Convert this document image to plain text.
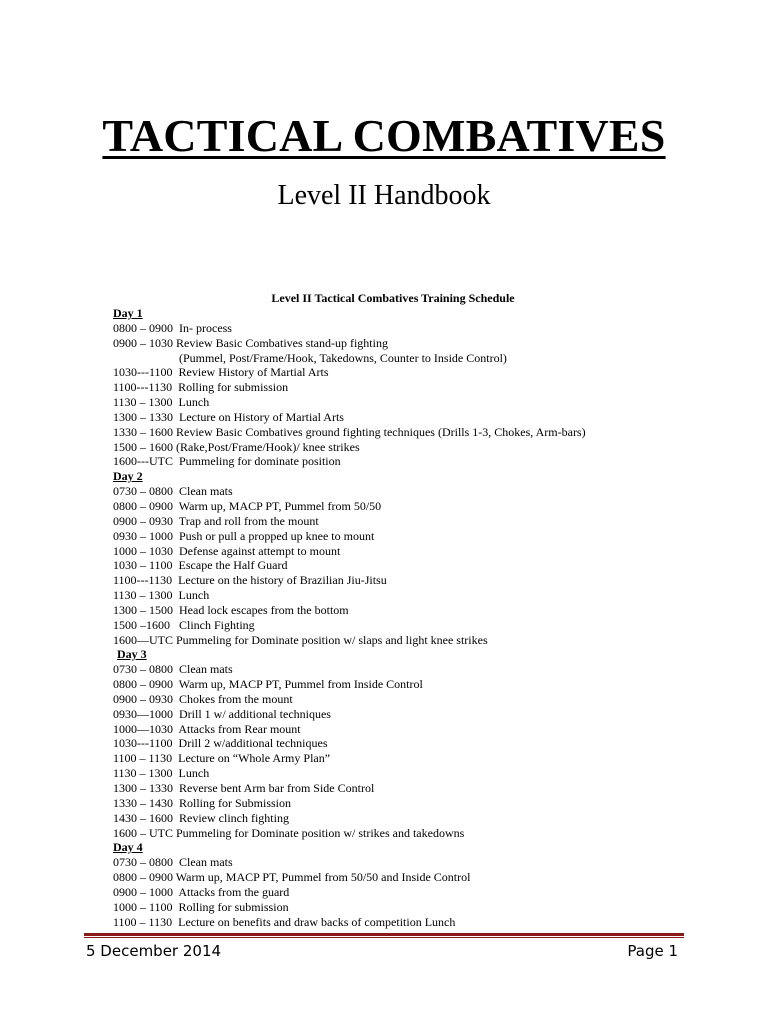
TACTICAL COMBATIVES
Level II Handbook
Level II Tactical Combatives Training Schedule
Day 1
0800 – 0900  In- process
0900 – 1030 Review Basic Combatives stand-up fighting
(Pummel, Post/Frame/Hook, Takedowns, Counter to Inside Control)
1030---1100  Review History of Martial Arts
1100---1130  Rolling for submission
1130 – 1300  Lunch
1300 – 1330  Lecture on History of Martial Arts
1330 – 1600 Review Basic Combatives ground fighting techniques (Drills 1-3, Chokes, Arm-bars)
1500 – 1600 (Rake,Post/Frame/Hook)/ knee strikes
1600---UTC  Pummeling for dominate position
Day 2
0730 – 0800  Clean mats
0800 – 0900  Warm up, MACP PT, Pummel from 50/50
0900 – 0930  Trap and roll from the mount
0930 – 1000  Push or pull a propped up knee to mount
1000 – 1030  Defense against attempt to mount
1030 – 1100  Escape the Half Guard
1100---1130  Lecture on the history of Brazilian Jiu-Jitsu
1130 – 1300  Lunch
1300 – 1500  Head lock escapes from the bottom
1500 –1600   Clinch Fighting
1600—UTC Pummeling for Dominate position w/ slaps and light knee strikes
Day 3
0730 – 0800  Clean mats
0800 – 0900  Warm up, MACP PT, Pummel from Inside Control
0900 – 0930  Chokes from the mount
0930—1000  Drill 1 w/ additional techniques
1000—1030  Attacks from Rear mount
1030---1100  Drill 2 w/additional techniques
1100 – 1130  Lecture on “Whole Army Plan”
1130 – 1300  Lunch
1300 – 1330  Reverse bent Arm bar from Side Control
1330 – 1430  Rolling for Submission
1430 – 1600  Review clinch fighting
1600 – UTC Pummeling for Dominate position w/ strikes and takedowns
Day 4
0730 – 0800  Clean mats
0800 – 0900 Warm up, MACP PT, Pummel from 50/50 and Inside Control
0900 – 1000  Attacks from the guard
1000 – 1100  Rolling for submission
1100 – 1130  Lecture on benefits and draw backs of competition Lunch
5 December 2014	Page 1
